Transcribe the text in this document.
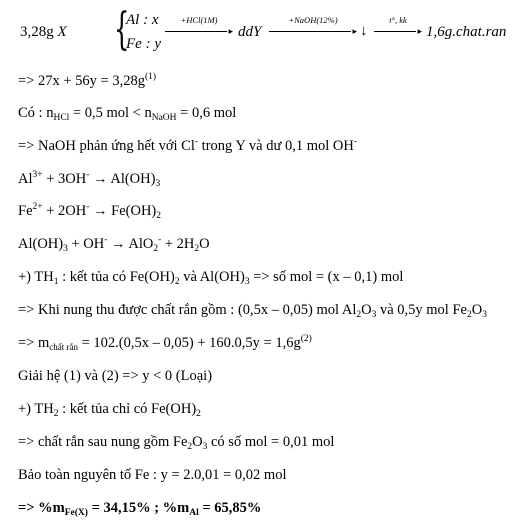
3,28g X {
Al : x
Fe : y
+HCl(1M)
▸
ddY
+NaOH(12%)
▸
↓
t°, kk
▸
1,6g.chat.ran
=> $27x + 56y = 3,28g^{(1)}$
Có : $n_{HCl} = 0,5$ mol < $n_{NaOH} = 0,6$ mol
=> NaOH phản ứng hết với Cl- trong Y và dư 0,1 mol OH-
$Al^{3+} + 3OH^- \to Al(OH)_3$
$Fe^{2+} + 2OH^- \to Fe(OH)_2$
$Al(OH)_3 + OH^- \to AlO_2^- + 2H_2O$
+) $TH_1$ : kết tủa có $Fe(OH)_2$ và $Al(OH)_3$ => số mol = (x – 0,1) mol
=> Khi nung thu được chất rắn gồm : (0,5x – 0,05) mol $Al_2O_3$ và 0,5y mol $Fe_2O_3$
=> $m_{chất rắn} = 102.(0,5x - 0,05) + 160.0,5y = 1,6g^{(2)}$
Giải hệ (1) và (2) => y < 0 (Loại)
+) $TH_2$ : kết tủa chỉ có $Fe(OH)_2$
=> chất rắn sau nung gồm $Fe_2O_3$ có số mol = 0,01 mol
Bảo toàn nguyên tố Fe : y = 2.0,01 = 0,02 mol
=> $\%m_{Fe(X)} = 34,15\%$ ; $\%m_{Al} = 65,85\%$
